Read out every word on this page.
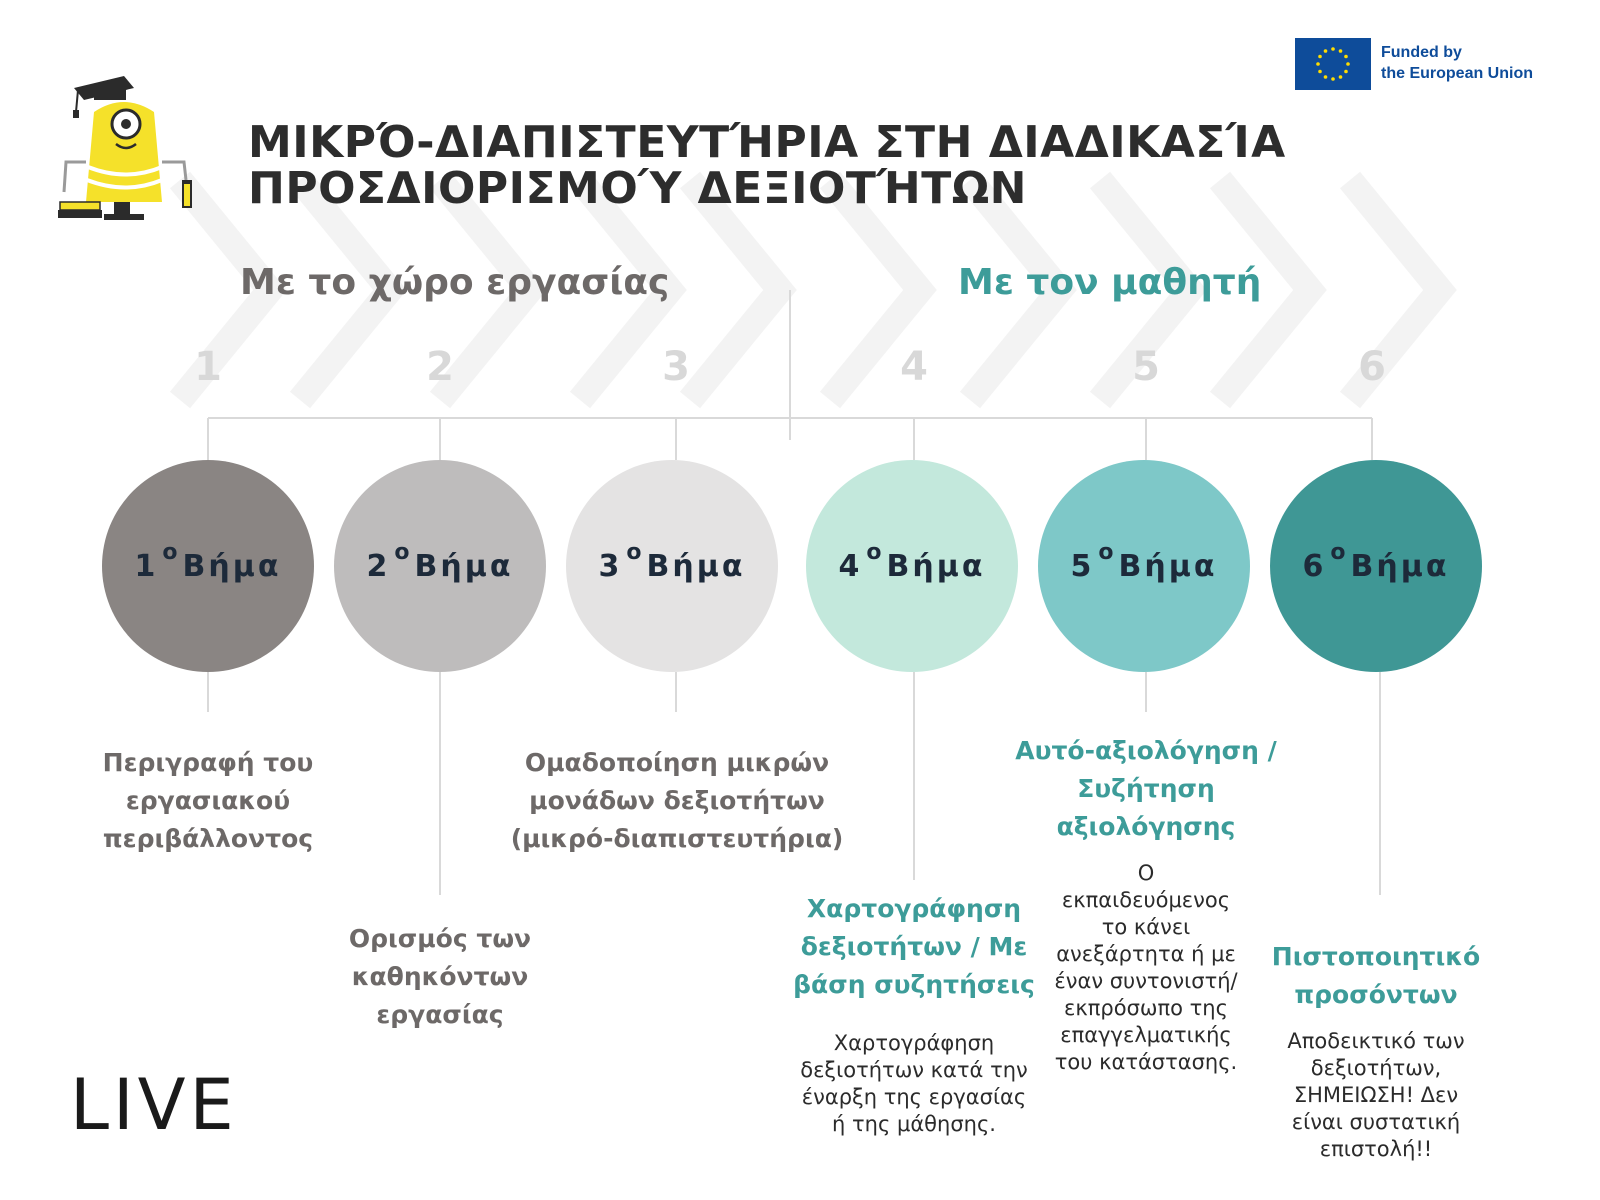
ΜΙΚΡΌ-ΔΙΑΠΙΣΤΕΥΤΉΡΙΑ ΣΤΗ ΔΙΑΔΙΚΑΣΊΑ
ΠΡΟΣΔΙΟΡΙΣΜΟΎ ΔΕΞΙΟΤΉΤΩΝ
Funded by
the European Union
Με το χώρο εργασίας	Με τον μαθητή
1	2	3	4	5	6
1 o Βήμα	2 o Βήμα	3 o Βήμα	4 o Βήμα	5 o Βήμα	6 o Βήμα
Περιγραφή του
εργασιακού
περιβάλλοντος
Ορισμός των
καθηκόντων
εργασίας
Ομαδοποίηση μικρών
μονάδων δεξιοτήτων
(μικρό-διαπιστευτήρια)
Χαρτογράφηση
δεξιοτήτων / Με
βάση συζητήσεις
Χαρτογράφηση
δεξιοτήτων κατά την
έναρξη της εργασίας
ή της μάθησης.
Αυτό-αξιολόγηση /
Συζήτηση
αξιολόγησης
Ο
εκπαιδευόμενος
το κάνει
ανεξάρτητα ή με
έναν συντονιστή/
εκπρόσωπο της
επαγγελματικής
του κατάστασης.
Πιστοποιητικό
προσόντων
Αποδεικτικό των
δεξιοτήτων,
ΣΗΜΕΙΩΣΗ! Δεν
είναι συστατική
επιστολή!!
LIVE
